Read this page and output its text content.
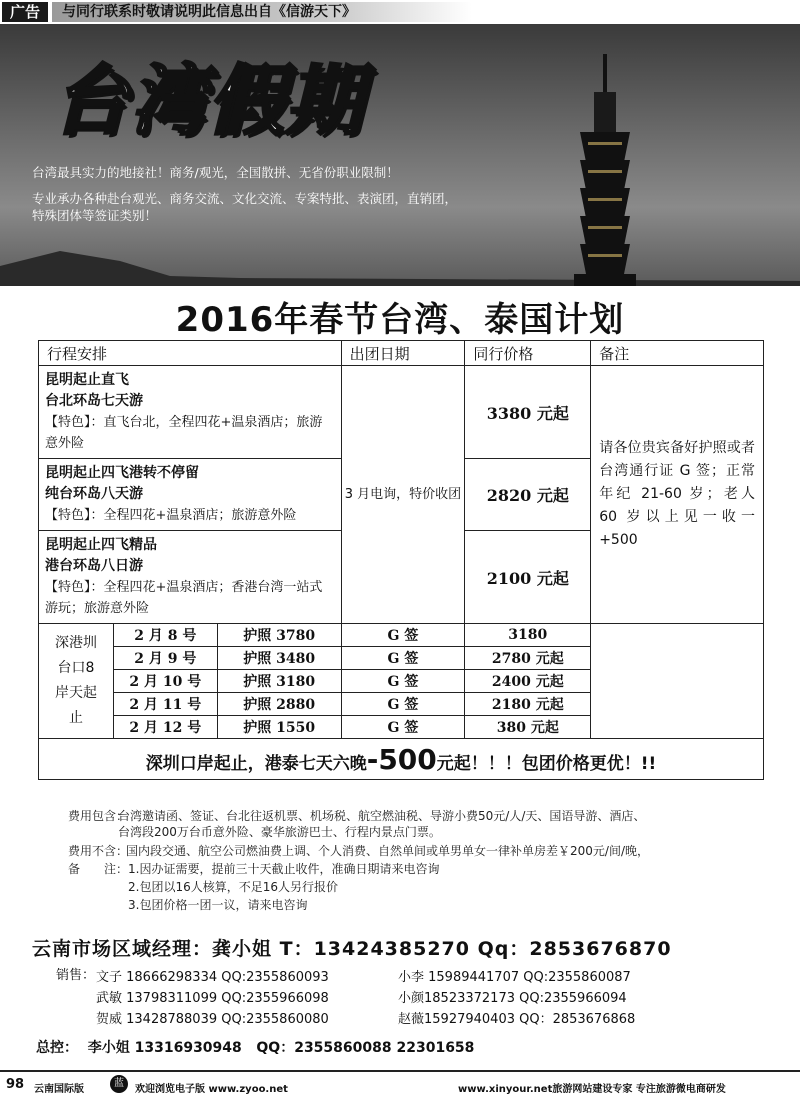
广告	与同行联系时敬请说明此信息出自《信游天下》
台湾假期
台湾最具实力的地接社！商务/观光，全国散拼、无省份职业限制！
专业承办各种赴台观光、商务交流、文化交流、专案特批、表演团，直销团，
特殊团体等签证类别！
2016年春节台湾、泰国计划
行程安排			出团日期	同行价格	备注
昆明起止直飞
台北环岛七天游
【特色】：直飞台北，全程四花+温泉酒店；旅游意外险			3 月电询，特价收团	3380 元起	请各位贵宾备好护照或者台湾通行证 G 签；正常年纪 21-60 岁；老人 60 岁以上见一收一+500
昆明起止四飞港转不停留
纯台环岛八天游
【特色】：全程四花+温泉酒店；旅游意外险				2820 元起	
昆明起止四飞精品
港台环岛八日游
【特色】：全程四花+温泉酒店；香港台湾一站式游玩；旅游意外险				2100 元起	
深港圳台口8岸天起止	2 月 8 号	护照 3780	G 签	3180	
	2 月 9 号	护照 3480	G 签	2780 元起	
	2 月 10 号	护照 3180	G 签	2400 元起	
	2 月 11 号	护照 2880	G 签	2180 元起	
	2 月 12 号	护照 1550	G 签	380 元起	
深圳口岸起止，港泰七天六晚-500元起！！！包团价格更优！!!					
费用包含：
台湾邀请函、签证、台北往返机票、机场税、航空燃油税、导游小费50元/人/天、国语导游、酒店、
台湾段200万台币意外险、豪华旅游巴士、行程内景点门票。
费用不含：
国内段交通、航空公司燃油费上调、个人消费、自然单间或单男单女一律补单房差￥200元/间/晚，
备　　注： 1.因办证需要，提前三十天截止收件，准确日期请来电咨询
2.包团以16人核算，不足16人另行报价
3.包团价格一团一议，请来电咨询
云南市场区域经理：龚小姐 T：13424385270 Qq：2853676870
销售： 文子 18666298334 QQ:2355860093	小李 15989441707 QQ:2355860087
武敏 13798311099 QQ:2355966098	小颜18523372173 QQ:2355966094
贺威 13428788039 QQ:2355860080	赵薇15927940403 QQ：2853676868
总控：  李小姐 13316930948   QQ：2355860088 22301658
98 云南国际版
蓝
欢迎浏览电子版 www.zyoo.net	www.xinyour.net旅游网站建设专家 专注旅游微电商研发
